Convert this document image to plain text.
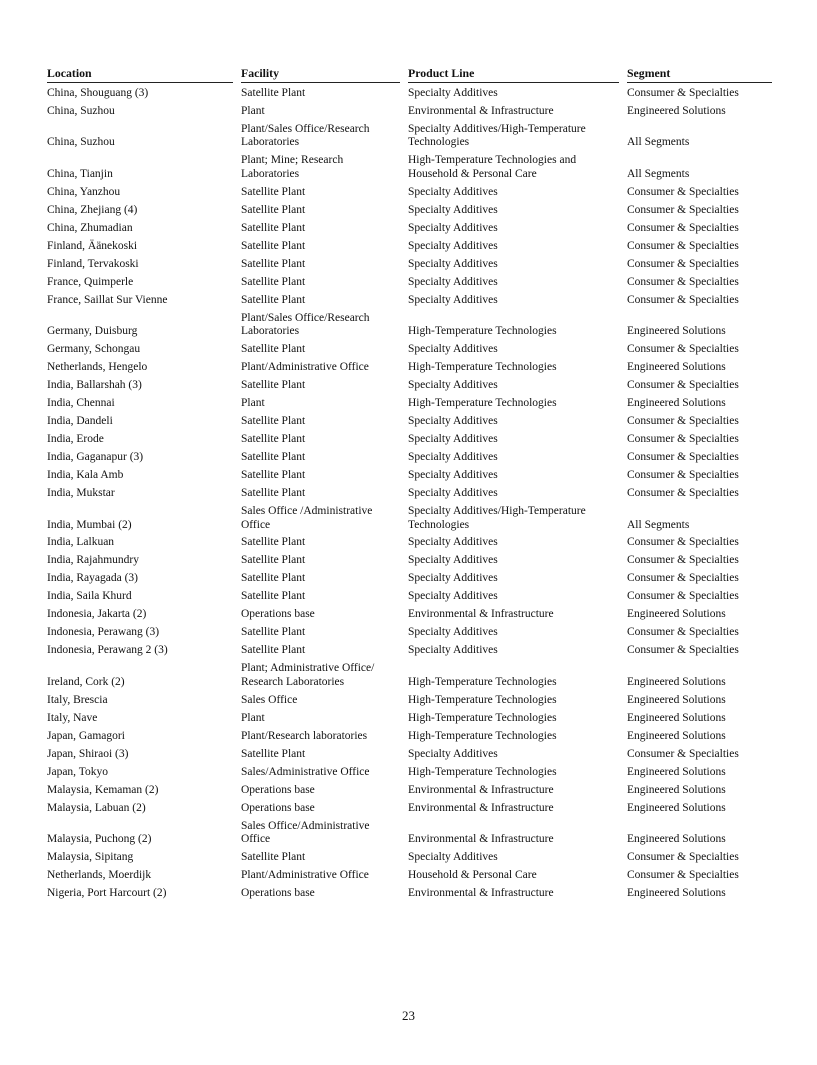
Location	Facility	Product Line	Segment

China, Shouguang (3)	Satellite Plant	Specialty Additives	Consumer & Specialties
China, Suzhou	Plant	Environmental & Infrastructure	Engineered Solutions
China, Suzhou	Plant/Sales Office/Research Laboratories	Specialty Additives/High-Temperature Technologies	All Segments
China, Tianjin	Plant; Mine; Research Laboratories	High-Temperature Technologies and Household & Personal Care	All Segments
China, Yanzhou	Satellite Plant	Specialty Additives	Consumer & Specialties
China, Zhejiang (4)	Satellite Plant	Specialty Additives	Consumer & Specialties
China, Zhumadian	Satellite Plant	Specialty Additives	Consumer & Specialties
Finland, Äänekoski	Satellite Plant	Specialty Additives	Consumer & Specialties
Finland, Tervakoski	Satellite Plant	Specialty Additives	Consumer & Specialties
France, Quimperle	Satellite Plant	Specialty Additives	Consumer & Specialties
France, Saillat Sur Vienne	Satellite Plant	Specialty Additives	Consumer & Specialties
Germany, Duisburg	Plant/Sales Office/Research Laboratories	High-Temperature Technologies	Engineered Solutions
Germany, Schongau	Satellite Plant	Specialty Additives	Consumer & Specialties
Netherlands, Hengelo	Plant/Administrative Office	High-Temperature Technologies	Engineered Solutions
India, Ballarshah (3)	Satellite Plant	Specialty Additives	Consumer & Specialties
India, Chennai	Plant	High-Temperature Technologies	Engineered Solutions
India, Dandeli	Satellite Plant	Specialty Additives	Consumer & Specialties
India, Erode	Satellite Plant	Specialty Additives	Consumer & Specialties
India, Gaganapur (3)	Satellite Plant	Specialty Additives	Consumer & Specialties
India, Kala Amb	Satellite Plant	Specialty Additives	Consumer & Specialties
India, Mukstar	Satellite Plant	Specialty Additives	Consumer & Specialties
India, Mumbai (2)	Sales Office /Administrative Office	Specialty Additives/High-Temperature Technologies	All Segments
India, Lalkuan	Satellite Plant	Specialty Additives	Consumer & Specialties
India, Rajahmundry	Satellite Plant	Specialty Additives	Consumer & Specialties
India, Rayagada (3)	Satellite Plant	Specialty Additives	Consumer & Specialties
India, Saila Khurd	Satellite Plant	Specialty Additives	Consumer & Specialties
Indonesia, Jakarta (2)	Operations base	Environmental & Infrastructure	Engineered Solutions
Indonesia, Perawang (3)	Satellite Plant	Specialty Additives	Consumer & Specialties
Indonesia, Perawang 2 (3)	Satellite Plant	Specialty Additives	Consumer & Specialties
Ireland, Cork (2)	Plant; Administrative Office/ Research Laboratories	High-Temperature Technologies	Engineered Solutions
Italy, Brescia	Sales Office	High-Temperature Technologies	Engineered Solutions
Italy, Nave	Plant	High-Temperature Technologies	Engineered Solutions
Japan, Gamagori	Plant/Research laboratories	High-Temperature Technologies	Engineered Solutions
Japan, Shiraoi (3)	Satellite Plant	Specialty Additives	Consumer & Specialties
Japan, Tokyo	Sales/Administrative Office	High-Temperature Technologies	Engineered Solutions
Malaysia, Kemaman (2)	Operations base	Environmental & Infrastructure	Engineered Solutions
Malaysia, Labuan (2)	Operations base	Environmental & Infrastructure	Engineered Solutions
Malaysia, Puchong (2)	Sales Office/Administrative Office	Environmental & Infrastructure	Engineered Solutions
Malaysia, Sipitang	Satellite Plant	Specialty Additives	Consumer & Specialties
Netherlands, Moerdijk	Plant/Administrative Office	Household & Personal Care	Consumer & Specialties
Nigeria, Port Harcourt (2)	Operations base	Environmental & Infrastructure	Engineered Solutions
23
